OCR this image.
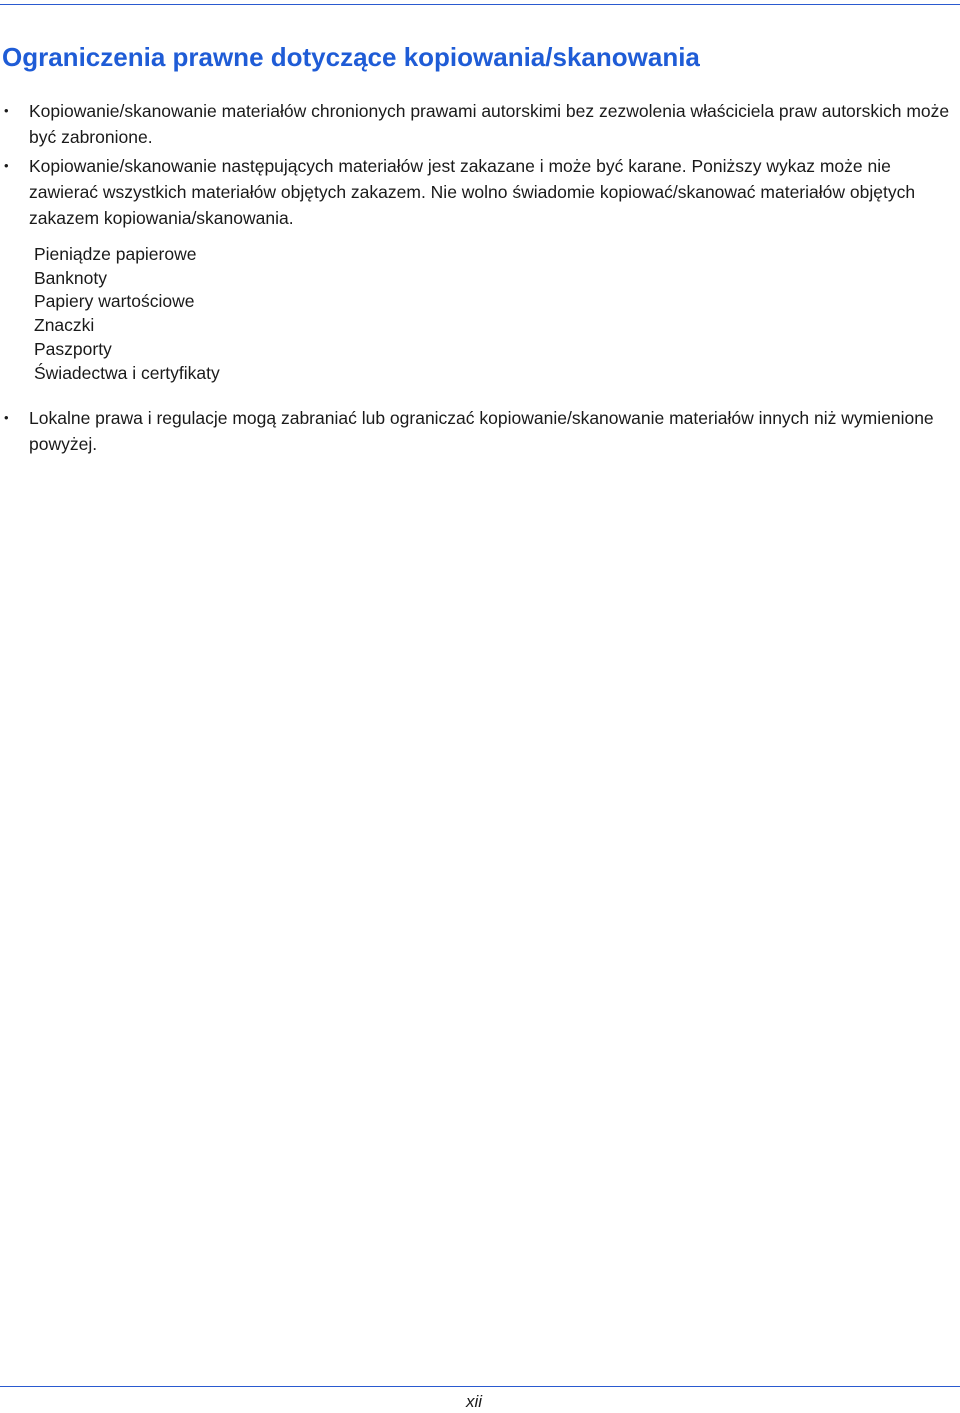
Ograniczenia prawne dotyczące kopiowania/skanowania
• Kopiowanie/skanowanie materiałów chronionych prawami autorskimi bez zezwolenia właściciela praw autorskich może być zabronione.
• Kopiowanie/skanowanie następujących materiałów jest zakazane i może być karane. Poniższy wykaz może nie zawierać wszystkich materiałów objętych zakazem. Nie wolno świadomie kopiować/skanować materiałów objętych zakazem kopiowania/skanowania.
Pieniądze papierowe
Banknoty
Papiery wartościowe
Znaczki
Paszporty
Świadectwa i certyfikaty
• Lokalne prawa i regulacje mogą zabraniać lub ograniczać kopiowanie/skanowanie materiałów innych niż wymienione powyżej.
xii
